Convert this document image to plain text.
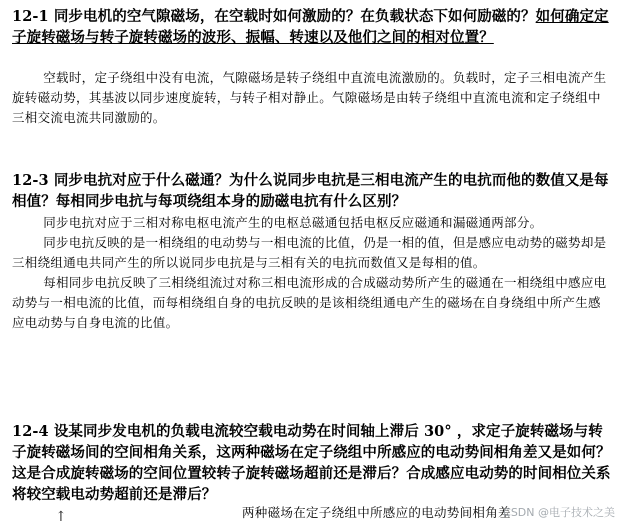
12-1 同步电机的空气隙磁场，在空载时如何激励的？在负载状态下如何励磁的？如何确定定子旋转磁场与转子旋转磁场的波形、振幅、转速以及他们之间的相对位置？
空载时，定子绕组中没有电流，气隙磁场是转子绕组中直流电流激励的。负载时，定子三相电流产生旋转磁动势，其基波以同步速度旋转，与转子相对静止。气隙磁场是由转子绕组中直流电流和定子绕组中三相交流电流共同激励的。
12-3 同步电抗对应于什么磁通？为什么说同步电抗是三相电流产生的电抗而他的数值又是每相值？每相同步电抗与每项绕组本身的励磁电抗有什么区别？
同步电抗对应于三相对称电枢电流产生的电枢总磁通包括电枢反应磁通和漏磁通两部分。
同步电抗反映的是一相绕组的电动势与一相电流的比值，仍是一相的值，但是感应电动势的磁势却是三相绕组通电共同产生的所以说同步电抗是与三相有关的电抗而数值又是每相的值。
每相同步电抗反映了三相绕组流过对称三相电流形成的合成磁动势所产生的磁通在一相绕组中感应电动势与一相电流的比值，而每相绕组自身的电抗反映的是该相绕组通电产生的磁场在自身绕组中所产生感应电动势与自身电流的比值。
12-4 设某同步发电机的负载电流较空载电动势在时间轴上滞后 30° ，求定子旋转磁场与转子旋转磁场间的空间相角关系，这两种磁场在定子绕组中所感应的电动势间相角差又是如何？这是合成旋转磁场的空间位置较转子旋转磁场超前还是滞后？合成感应电动势的时间相位关系将较空载电动势超前还是滞后？
↑	两种磁场在定子绕组中所感应的电动势间相角差
CSDN @电子技术之美
